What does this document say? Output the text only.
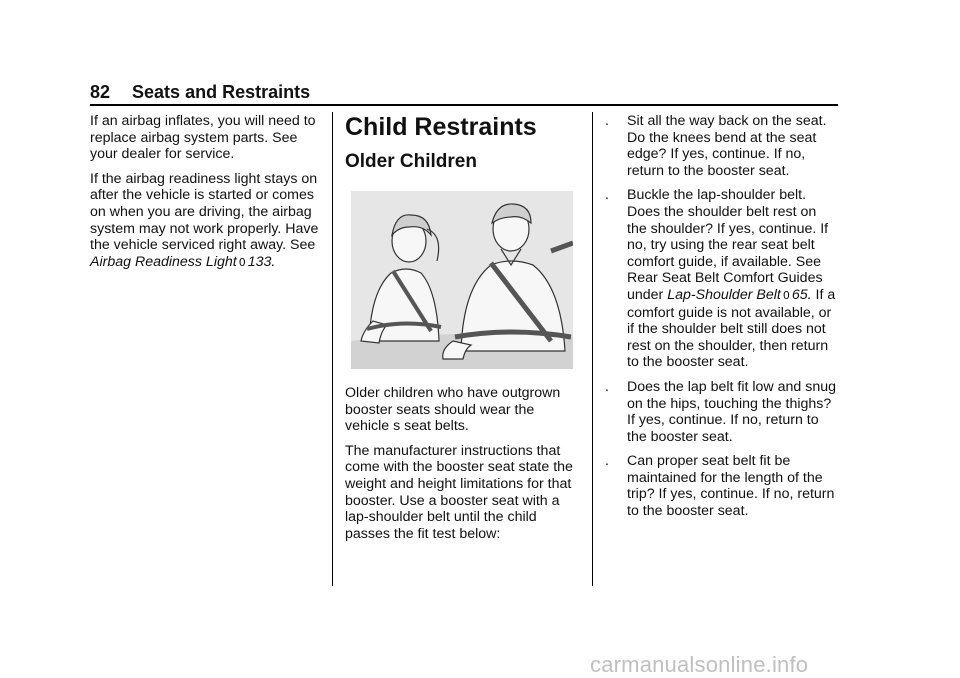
82 Seats and Restraints

If an airbag inflates, you will need to replace airbag system parts. See your dealer for service.

If the airbag readiness light stays on after the vehicle is started or comes on when you are driving, the airbag system may not work properly. Have the vehicle serviced right away. See Airbag Readiness Light 0 133.

Child Restraints
Older Children

Older children who have outgrown booster seats should wear the vehicle s seat belts.

The manufacturer instructions that come with the booster seat state the weight and height limitations for that booster. Use a booster seat with a lap-shoulder belt until the child passes the fit test below:

.	Sit all the way back on the seat. Do the knees bend at the seat edge? If yes, continue. If no, return to the booster seat.
.	Buckle the lap-shoulder belt. Does the shoulder belt rest on the shoulder? If yes, continue. If no, try using the rear seat belt comfort guide, if available. See Rear Seat Belt Comfort Guides under Lap-Shoulder Belt 0 65. If a comfort guide is not available, or if the shoulder belt still does not rest on the shoulder, then return to the booster seat.
.	Does the lap belt fit low and snug on the hips, touching the thighs? If yes, continue. If no, return to the booster seat.
.	Can proper seat belt fit be maintained for the length of the trip? If yes, continue. If no, return to the booster seat.
carmanualsonline.info
